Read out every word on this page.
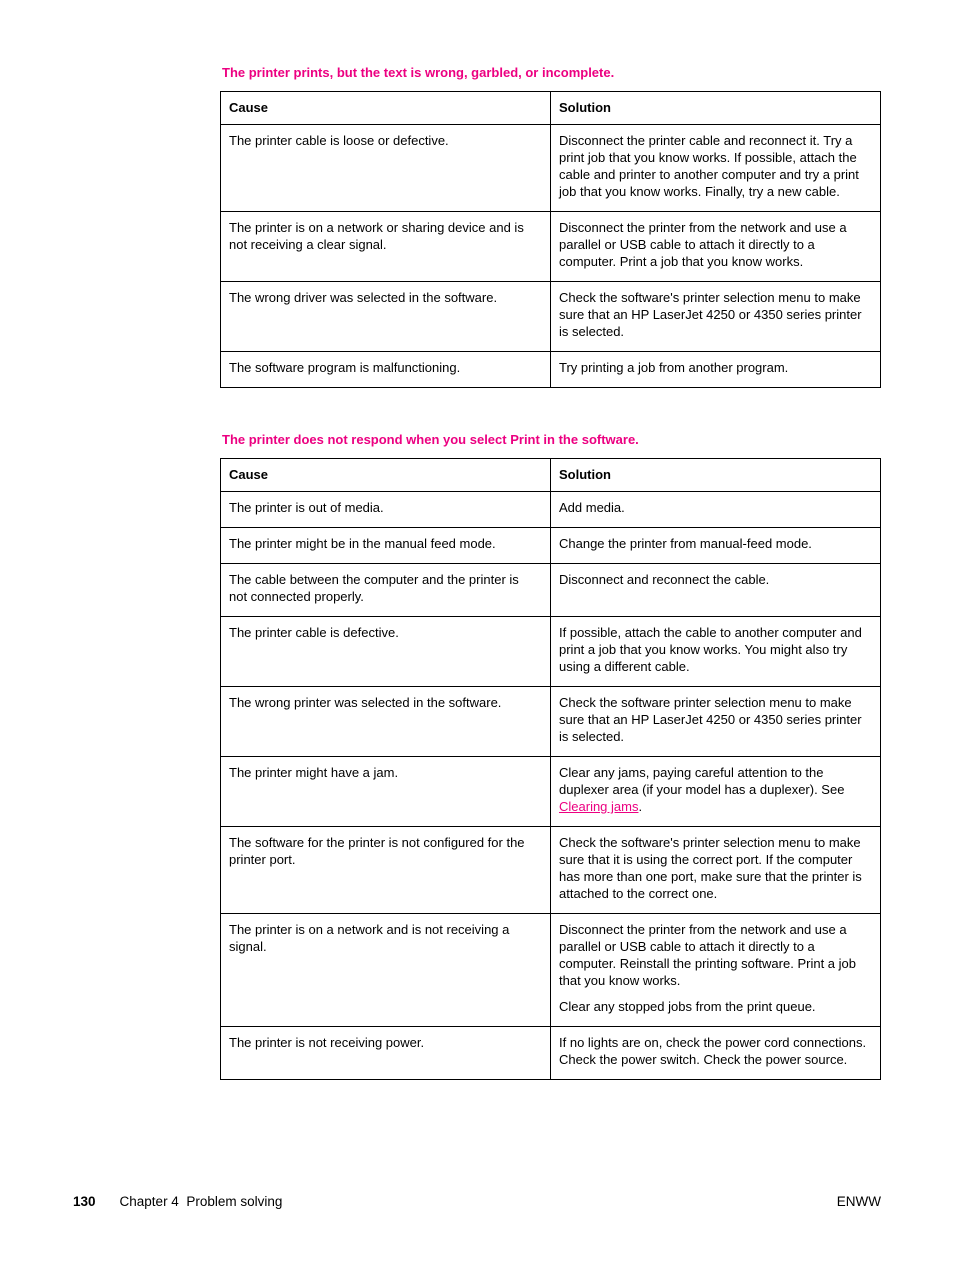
The printer prints, but the text is wrong, garbled, or incomplete.
Cause	Solution
The printer cable is loose or defective.	Disconnect the printer cable and reconnect it. Try a print job that you know works. If possible, attach the cable and printer to another computer and try a print job that you know works. Finally, try a new cable.
The printer is on a network or sharing device and is not receiving a clear signal.	Disconnect the printer from the network and use a parallel or USB cable to attach it directly to a computer. Print a job that you know works.
The wrong driver was selected in the software.	Check the software's printer selection menu to make sure that an HP LaserJet 4250 or 4350 series printer is selected.
The software program is malfunctioning.	Try printing a job from another program.
The printer does not respond when you select Print in the software.
Cause	Solution
The printer is out of media.	Add media.
The printer might be in the manual feed mode.	Change the printer from manual-feed mode.
The cable between the computer and the printer is not connected properly.	Disconnect and reconnect the cable.
The printer cable is defective.	If possible, attach the cable to another computer and print a job that you know works. You might also try using a different cable.
The wrong printer was selected in the software.	Check the software printer selection menu to make sure that an HP LaserJet 4250 or 4350 series printer is selected.
The printer might have a jam.	Clear any jams, paying careful attention to the duplexer area (if your model has a duplexer). See Clearing jams.
The software for the printer is not configured for the printer port.	Check the software's printer selection menu to make sure that it is using the correct port. If the computer has more than one port, make sure that the printer is attached to the correct one.
The printer is on a network and is not receiving a signal.	Disconnect the printer from the network and use a parallel or USB cable to attach it directly to a computer. Reinstall the printing software. Print a job that you know works.

Clear any stopped jobs from the print queue.

The printer is not receiving power.	If no lights are on, check the power cord connections. Check the power switch. Check the power source.
130 Chapter 4  Problem solving	ENWW
